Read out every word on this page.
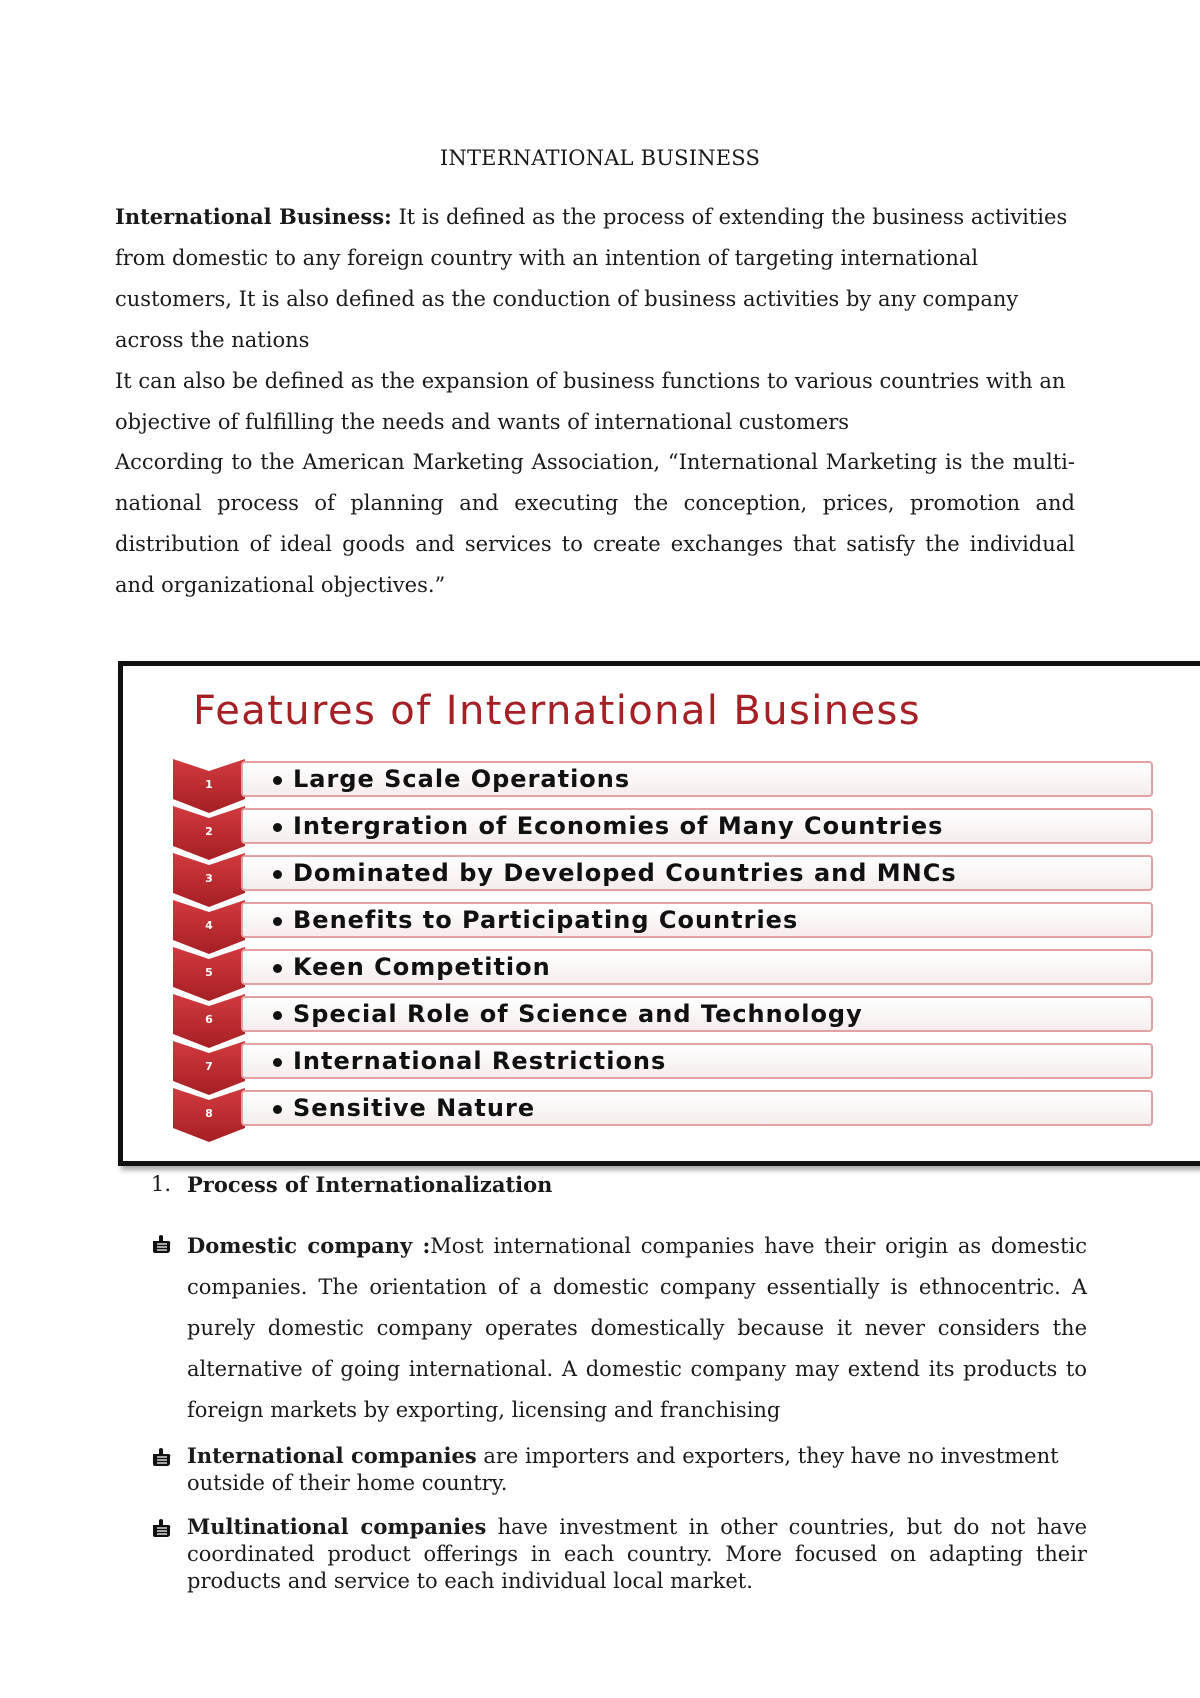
INTERNATIONAL BUSINESS

International Business: It is defined as the process of extending the business activities from domestic to any foreign country with an intention of targeting international customers, It is also defined as the conduction of business activities by any company across the nations

It can also be defined as the expansion of business functions to various countries with an objective of fulfilling the needs and wants of international customers

According to the American Marketing Association, “International Marketing is the multi-national process of planning and executing the conception, prices, promotion and distribution of ideal goods and services to create exchanges that satisfy the individual and organizational objectives.”

Features of International Business
1	Large Scale Operations
2	Intergration of Economies of Many Countries
3	Dominated by Developed Countries and MNCs
4	Benefits to Participating Countries
5	Keen Competition
6	Special Role of Science and Technology
7	International Restrictions
8	Sensitive Nature
1. Process of Internationalization

Domestic company :Most international companies have their origin as domestic companies. The orientation of a domestic company essentially is ethnocentric. A purely domestic company operates domestically because it never considers the alternative of going international. A domestic company may extend its products to foreign markets by exporting, licensing and franchising

International companies are importers and exporters, they have no investment outside of their home country.

Multinational companies have investment in other countries, but do not have coordinated product offerings in each country. More focused on adapting their products and service to each individual local market.
